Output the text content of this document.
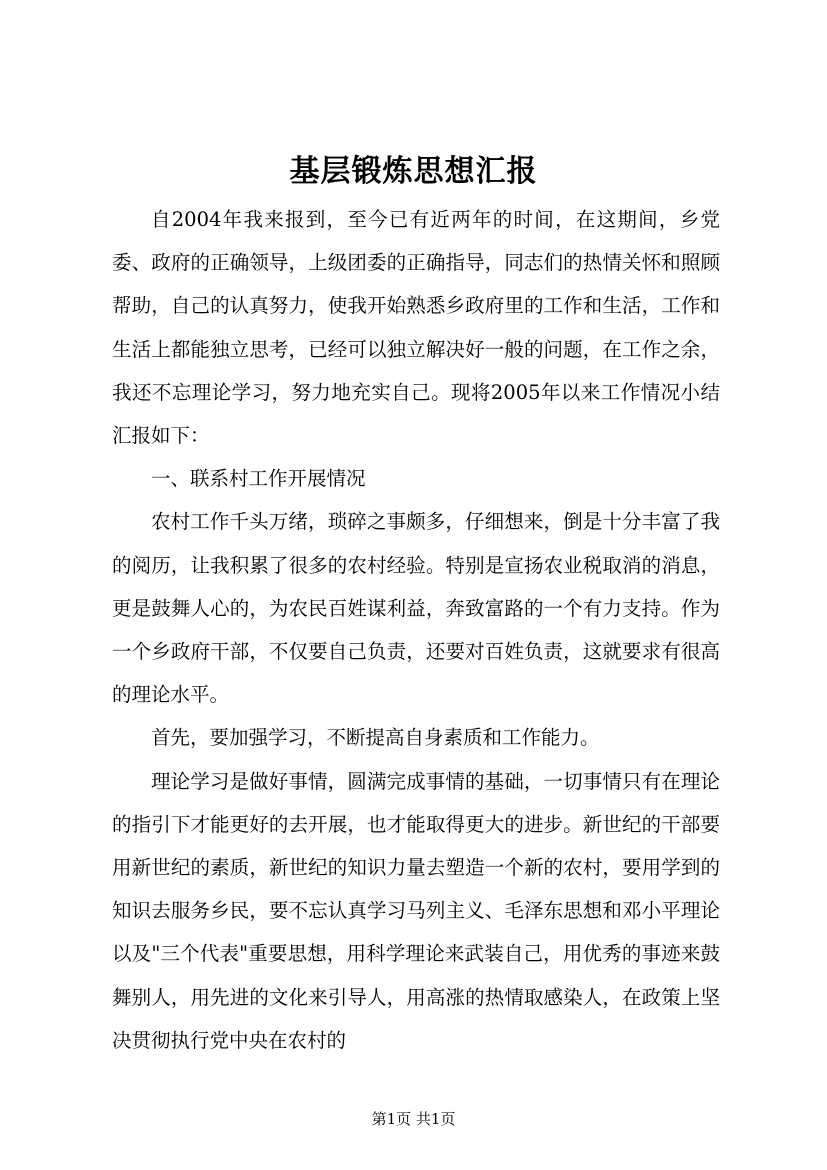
基层锻炼思想汇报

自2004年我来报到，至今已有近两年的时间，在这期间，乡党委、政府的正确领导，上级团委的正确指导，同志们的热情关怀和照顾帮助，自己的认真努力，使我开始熟悉乡政府里的工作和生活，工作和生活上都能独立思考，已经可以独立解决好一般的问题，在工作之余，我还不忘理论学习，努力地充实自己。现将2005年以来工作情况小结汇报如下：

一、联系村工作开展情况

农村工作千头万绪，琐碎之事颇多，仔细想来，倒是十分丰富了我的阅历，让我积累了很多的农村经验。特别是宣扬农业税取消的消息，更是鼓舞人心的，为农民百姓谋利益，奔致富路的一个有力支持。作为一个乡政府干部，不仅要自己负责，还要对百姓负责，这就要求有很高的理论水平。

首先，要加强学习，不断提高自身素质和工作能力。

理论学习是做好事情，圆满完成事情的基础，一切事情只有在理论的指引下才能更好的去开展，也才能取得更大的进步。新世纪的干部要用新世纪的素质，新世纪的知识力量去塑造一个新的农村，要用学到的知识去服务乡民，要不忘认真学习马列主义、毛泽东思想和邓小平理论以及"三个代表"重要思想，用科学理论来武装自己，用优秀的事迹来鼓舞别人，用先进的文化来引导人，用高涨的热情取感染人，在政策上坚决贯彻执行党中央在农村的

第1页 共1页
